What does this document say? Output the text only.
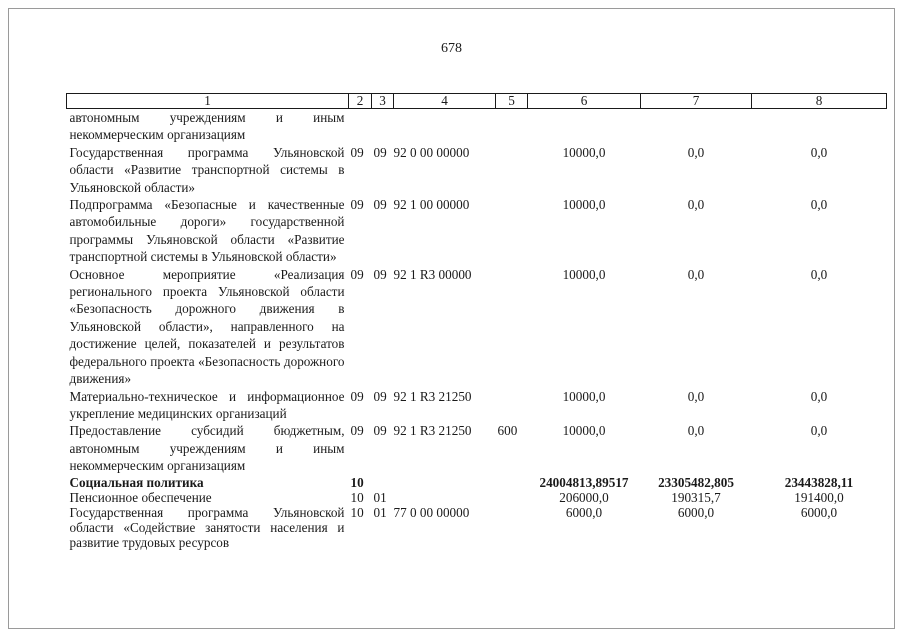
678
1	2	3	4	5	6	7	8
автономным учреждениям и иным некоммерческим организациям							
Государственная программа Ульяновской области «Развитие транспортной системы в Ульяновской области»	09	09	92 0 00 00000		10000,0	0,0	0,0
Подпрограмма «Безопасные и качественные автомобильные дороги» государственной программы Ульяновской области «Развитие транспортной системы в Ульяновской области»	09	09	92 1 00 00000		10000,0	0,0	0,0
Основное мероприятие «Реализация регионального проекта Ульяновской области «Безопасность дорожного движения в Ульяновской области», направленного на достижение целей, показателей и результатов федерального проекта «Безопасность дорожного движения»	09	09	92 1 R3 00000		10000,0	0,0	0,0
Материально-техническое и информационное укрепление медицинских организаций	09	09	92 1 R3 21250		10000,0	0,0	0,0
Предоставление субсидий бюджетным, автономным учреждениям и иным некоммерческим организациям	09	09	92 1 R3 21250	600	10000,0	0,0	0,0
Социальная политика	10				24004813,89517	23305482,805	23443828,11
Пенсионное обеспечение	10	01			206000,0	190315,7	191400,0
Государственная программа Ульяновской области «Содействие занятости населения и развитие трудовых ресурсов	10	01	77 0 00 00000		6000,0	6000,0	6000,0
